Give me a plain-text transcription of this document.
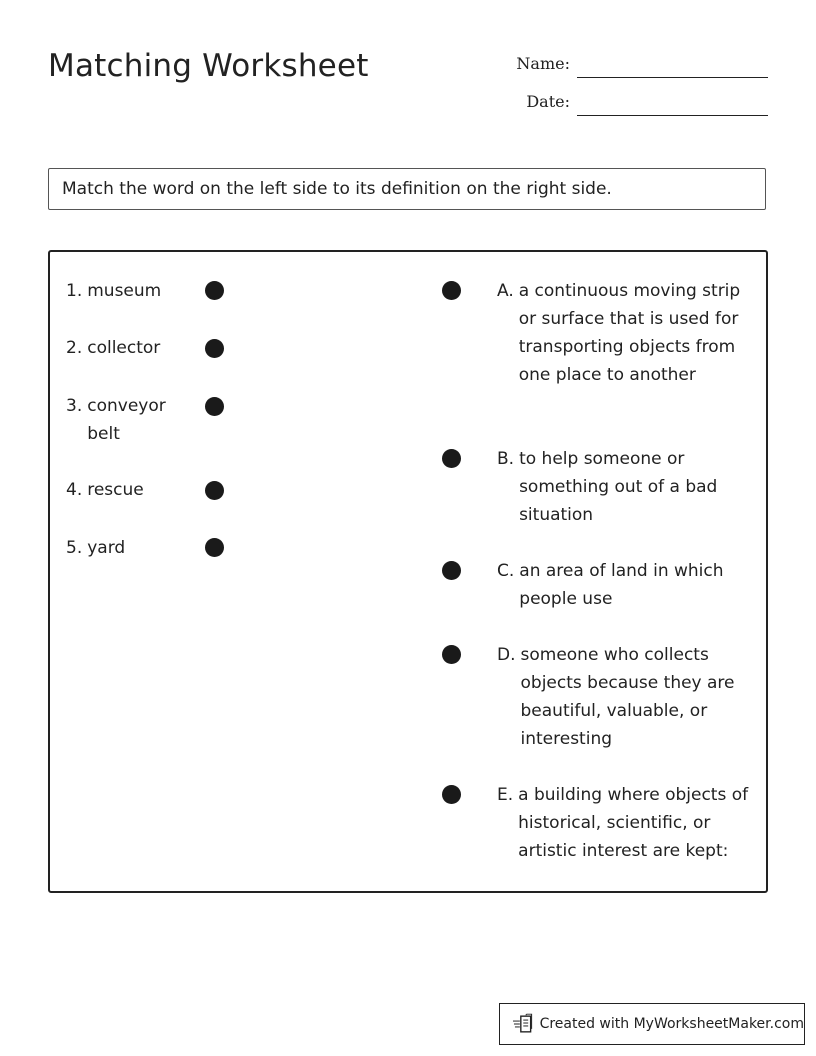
Matching Worksheet	Name:
Date:
Match the word on the left side to its definition on the right side.
1. museum
2. collector
3. conveyor belt
4. rescue
5. yard
A. a continuous moving strip or surface that is used for transporting objects from one place to another
B. to help someone or something out of a bad situation
C. an area of land in which people use
D. someone who collects objects because they are beautiful, valuable, or interesting
E. a building where objects of historical, scientific, or artistic interest are kept:
Created with MyWorksheetMaker.com
